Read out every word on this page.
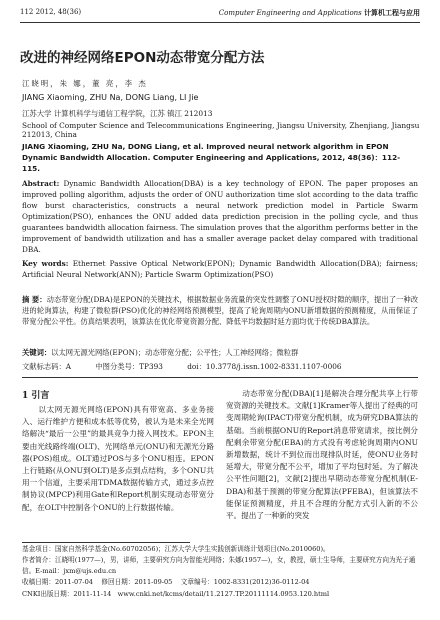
112 2012, 48(36)	Computer Engineering and Applications 计算机工程与应用

改进的神经网络EPON动态带宽分配方法
江晓明，朱 娜，董 亮，李 杰
JIANG Xiaoming, ZHU Na, DONG Liang, LI Jie
江苏大学 计算机科学与通信工程学院，江苏 镇江 212013
School of Computer Science and Telecommunications Engineering, Jiangsu University, Zhenjiang, Jiangsu 212013, China
JIANG Xiaoming, ZHU Na, DONG Liang, et al. Improved neural network algorithm in EPON Dynamic Bandwidth Allocation. Computer Engineering and Applications, 2012, 48(36)：112-115.
Abstract: Dynamic Bandwidth Allocation(DBA) is a key technology of EPON. The paper proposes an improved polling algorithm, adjusts the order of ONU authorization time slot according to the data traffic flow burst characteristics, constructs a neural network prediction model in Particle Swarm Optimization(PSO), enhances the ONU added data prediction precision in the polling cycle, and thus guarantees bandwidth allocation fairness. The simulation proves that the algorithm performs better in the improvement of bandwidth utilization and has a smaller average packet delay compared with traditional DBA.
Key words: Ethernet Passive Optical Network(EPON); Dynamic Bandwidth Allocation(DBA); fairness; Artificial Neural Network(ANN); Particle Swarm Optimization(PSO)
摘 要：动态带宽分配(DBA)是EPON的关键技术，根据数据业务流量的突发性调整了ONU授权时隙的顺序，提出了一种改进的轮询算法，构建了微粒群(PSO)优化的神经网络预测模型，提高了轮询周期内ONU新增数据的预测精度，从而保证了带宽分配公平性。仿真结果表明，该算法在优化带宽资源分配、降低平均数据时延方面均优于传统DBA算法。
关键词：以太网无源光网络(EPON)；动态带宽分配；公平性；人工神经网络；微粒群
文献标志码：A	中图分类号：TP393	doi：10.3778/j.issn.1002-8331.1107-0006
1 引言
以太网无源光网络(EPON)具有带宽高、多业务接入、运行维护方便和成本低等优势，被认为是未来全光网络解决“最后一公里”的最具竞争力接入网技术。EPON主要由光线路终端(OLT)、光网络单元(ONU)和无源光分路器(POS)组成。OLT通过POS与多个ONU相连。EPON上行链路(从ONU到OLT)是多点到点结构，多个ONU共用一个信道，主要采用TDMA数据传输方式，通过多点控制协议(MPCP)利用Gate和Report机制实现动态带宽分配，在OLT中控制各个ONU的上行数据传输。
动态带宽分配(DBA)[1]是解决合理分配共享上行带宽资源的关键技术。文献[1]Kramer等人提出了经典的可变周期轮询(IPACT)带宽分配机制，成为研究DBA算法的基础。当前根据ONU的Report消息带宽请求，按比例分配剩余带宽分配(EBA)的方式没有考虑轮询周期内ONU新增数据，统计不到位而出现排队时延，使ONU业务时延增大，带宽分配不公平，增加了平均包时延。为了解决公平性问题[2]，文献[2]提出早期动态带宽分配机制(E-DBA)和基于预测的带宽分配算法(PFEBA)，但该算法不能保证预测精度，并且不合理的分配方式引入新的不公平。提出了一种新的突发
基金项目：国家自然科学基金(No.60702056)；江苏大学大学生实践创新训练计划项目(No.2010060)。
作者简介：江晓明(1977—)，男，讲师，主要研究方向为智能光网络；朱娜(1957—)，女，教授，硕士生导师，主要研究方向为光子通信。E-mail：jxm@ujs.edu.cn
收稿日期：2011-07-04 修回日期：2011-09-05 文章编号：1002-8331(2012)36-0112-04
CNKI出版日期：2011-11-14 www.cnki.net/kcms/detail/11.2127.TP.20111114.0953.120.html
